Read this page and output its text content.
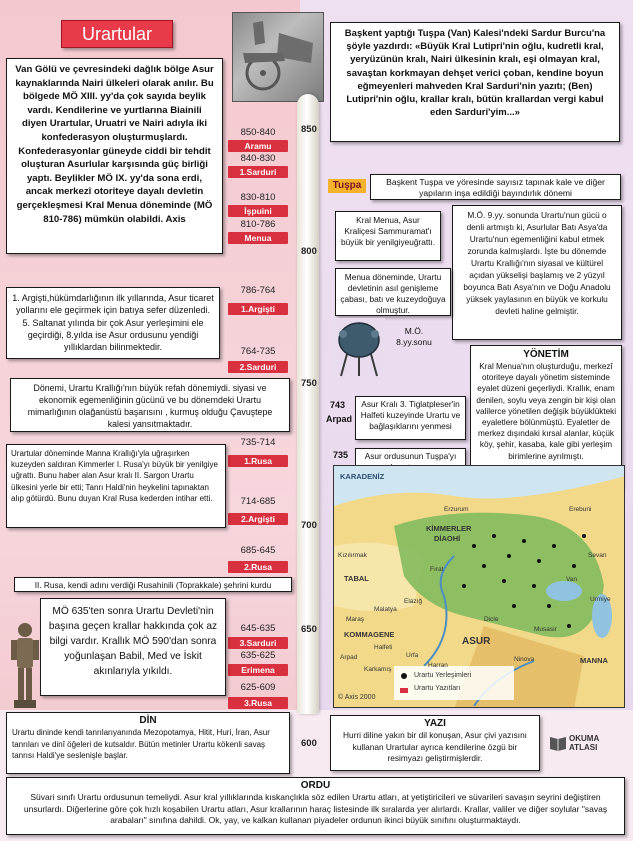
Urartular
Van Gölü ve çevresindeki dağlık bölge Asur kaynaklarında Nairi ülkeleri olarak anılır. Bu bölgede MÖ XIII. yy'da çok sayıda beylik vardı. Kendilerine ve yurtlarına Biainili diyen Urartular, Uruatri ve Nairi adıyla iki konfederasyon oluşturmuşlardı. Konfederasyonlar güneyde ciddi bir tehdit oluşturan Asurlular karşısında güç birliği yaptı. Beylikler MÖ IX. yy'da sona erdi, ancak merkezî otoriteye dayalı devletin gerçekleşmesi Kral Menua döneminde (MÖ 810-786) mümkün olabildi. Axis
Başkent yaptığı Tuşpa (Van) Kalesi'ndeki Sardur Burcu'na şöyle yazdırdı: «Büyük Kral Lutipri'nin oğlu, kudretli kral, yeryüzünün kralı, Nairi ülkesinin kralı, eşi olmayan kral, savaştan korkmayan dehşet verici çoban, kendine boyun eğmeyenleri mahveden Kral Sarduri'nin yazıtı; (Ben) Lutipri'nin oğlu, krallar kralı, bütün krallardan vergi kabul eden Sarduri'yim...»
850
800
750
700
650
600
850-840
Aramu
840-830
1.Sarduri
830-810
İşpuini
810-786
Menua
786-764
1.Argişti
764-735
2.Sarduri
735-714
1.Rusa
714-685
2.Argişti
685-645
2.Rusa
645-635
3.Sarduri
635-625
Erimena
625-609
3.Rusa
Tuşpa	Başkent Tuşpa ve yöresinde sayısız tapınak kale ve diğer yapıların inşa edildiği bayındırlık dönemi
Kral Menua, Asur Kraliçesi Sammuramat'ı büyük bir yenilgiyeuğrattı.
M.Ö. 9.yy. sonunda Urartu'nun gücü o denli artmıştı ki, Asurlular Batı Asya'da Urartu'nun egemenliğini kabul etmek zorunda kalmışlardı. İşte bu dönemde Urartu Krallığı'nın siyasal ve kültürel açıdan yükselişi başlamış ve 2 yüzyıl boyunca Batı Asya'nın ve Doğu Anadolu yüksek yaylasının en büyük ve korkulu devleti haline gelmiştir.
Menua döneminde, Urartu devletinin asıl genişleme çabası, batı ve kuzeydoğuya olmuştur.
M.Ö. 8.yy.sonu
1. Argişti,hükümdarlığının ilk yıllarında, Asur ticaret yollarını ele geçirmek için batıya sefer düzenledi. 5. Saltanat yılında bir çok Asur yerleşimini ele geçirdiği, 8.yılda ise Asur ordusunu yendiği yıllıklardan bilinmektedir.
Dönemi, Urartu Krallığı'nın büyük refah dönemiydi. siyasi ve ekonomik egemenliğinin gücünü ve bu dönemdeki Urartu mimarlığının olağanüstü başarısını , kurmuş olduğu Çavuştepe kalesi yansıtmaktadır.
YÖNETİM
Kral Menua'nın oluşturduğu, merkezî otoriteye dayalı yönetim sisteminde eyalet düzeni geçerliydi. Krallık, enam denilen, soylu veya zengin bir kişi olan valilerce yönetilen değişik büyüklükteki eyaletlere bölünmüştü. Eyaletler de merkez dışındaki kırsal alanlar, küçük köy, şehir, kasaba, kale gibi yerleşim birimlerine ayrılmıştı.
743
Arpad
Asur Kralı 3. Tiglatpleser'in Halfeti kuzeyinde Urartu ve bağlaşıklarını yenmesi
735	Asur ordusunun Tuşpa'yı
Urartular döneminde Manna Krallığı'yla uğraşırken kuzeyden saldıran Kimmerler I. Rusa'yı büyük bir yenilgiye uğrattı. Bunu haber alan Asur kralı II. Sargon Urartu ülkesini yerle bir etti; Tanrı Haldi'nin heykelini tapınaktan alıp götürdü. Bunu duyan Kral Rusa kederden intihar etti.
II. Rusa, kendi adını verdiği Rusahinili (Toprakkale) şehrini kurdu
MÖ 635'ten sonra Urartu Devleti'nin başına geçen krallar hakkında çok az bilgi vardır. Krallık MÖ 590'dan sonra yoğunlaşan Babil, Med ve İskit akınlarıyla yıkıldı.
KARADENİZ
KİMMERLER
DİAOHİ
TABAL
KOMMAGENE
ASUR
MANNA
Kızılırmak
Fırat
Dicle
Elazığ
Erzurum
Van
Malatya
Halfeti
Arpad	Ninova
Erebuni
Sevan
Urmiye
Karkamış
Maraş
Urfa
Harran
Musasir
Urartu Yerleşimleri
Urartu Yazıtları
© Axis 2000
DİN
Urartu dininde kendi tanrılarıyanında Mezopotamya, Hitit, Huri, İran, Asur tanrıları ve dinî öğeleri de kutsaldır. Bütün metinler Urartu kökenli savaş tanrısı Haldi'ye seslenişle başlar.
YAZI
Hurri diline yakın bir dil konuşan, Asur çivi yazısını kullanan Urartular ayrıca kendilerine özgü bir resimyazı geliştirmişlerdir.
OKUMA ATLASI
ORDU
Süvari sınıfı Urartu ordusunun temeliydi. Asur kral yıllıklarında kıskançlıkla söz edilen Urartu atları, at yetiştiricileri ve süvarileri savaşın seyrini değiştiren unsurlardı. Diğerlerine göre çok hızlı koşabilen Urartu atları, Asur krallarının haraç listesinde ilk sıralarda yer alırlardı. Krallar, valiler ve diğer soylular "savaş arabaları" sınıfına dahildi. Ok, yay, ve kalkan kullanan piyadeler ordunun ikinci büyük sınıfını oluşturmaktaydı.
